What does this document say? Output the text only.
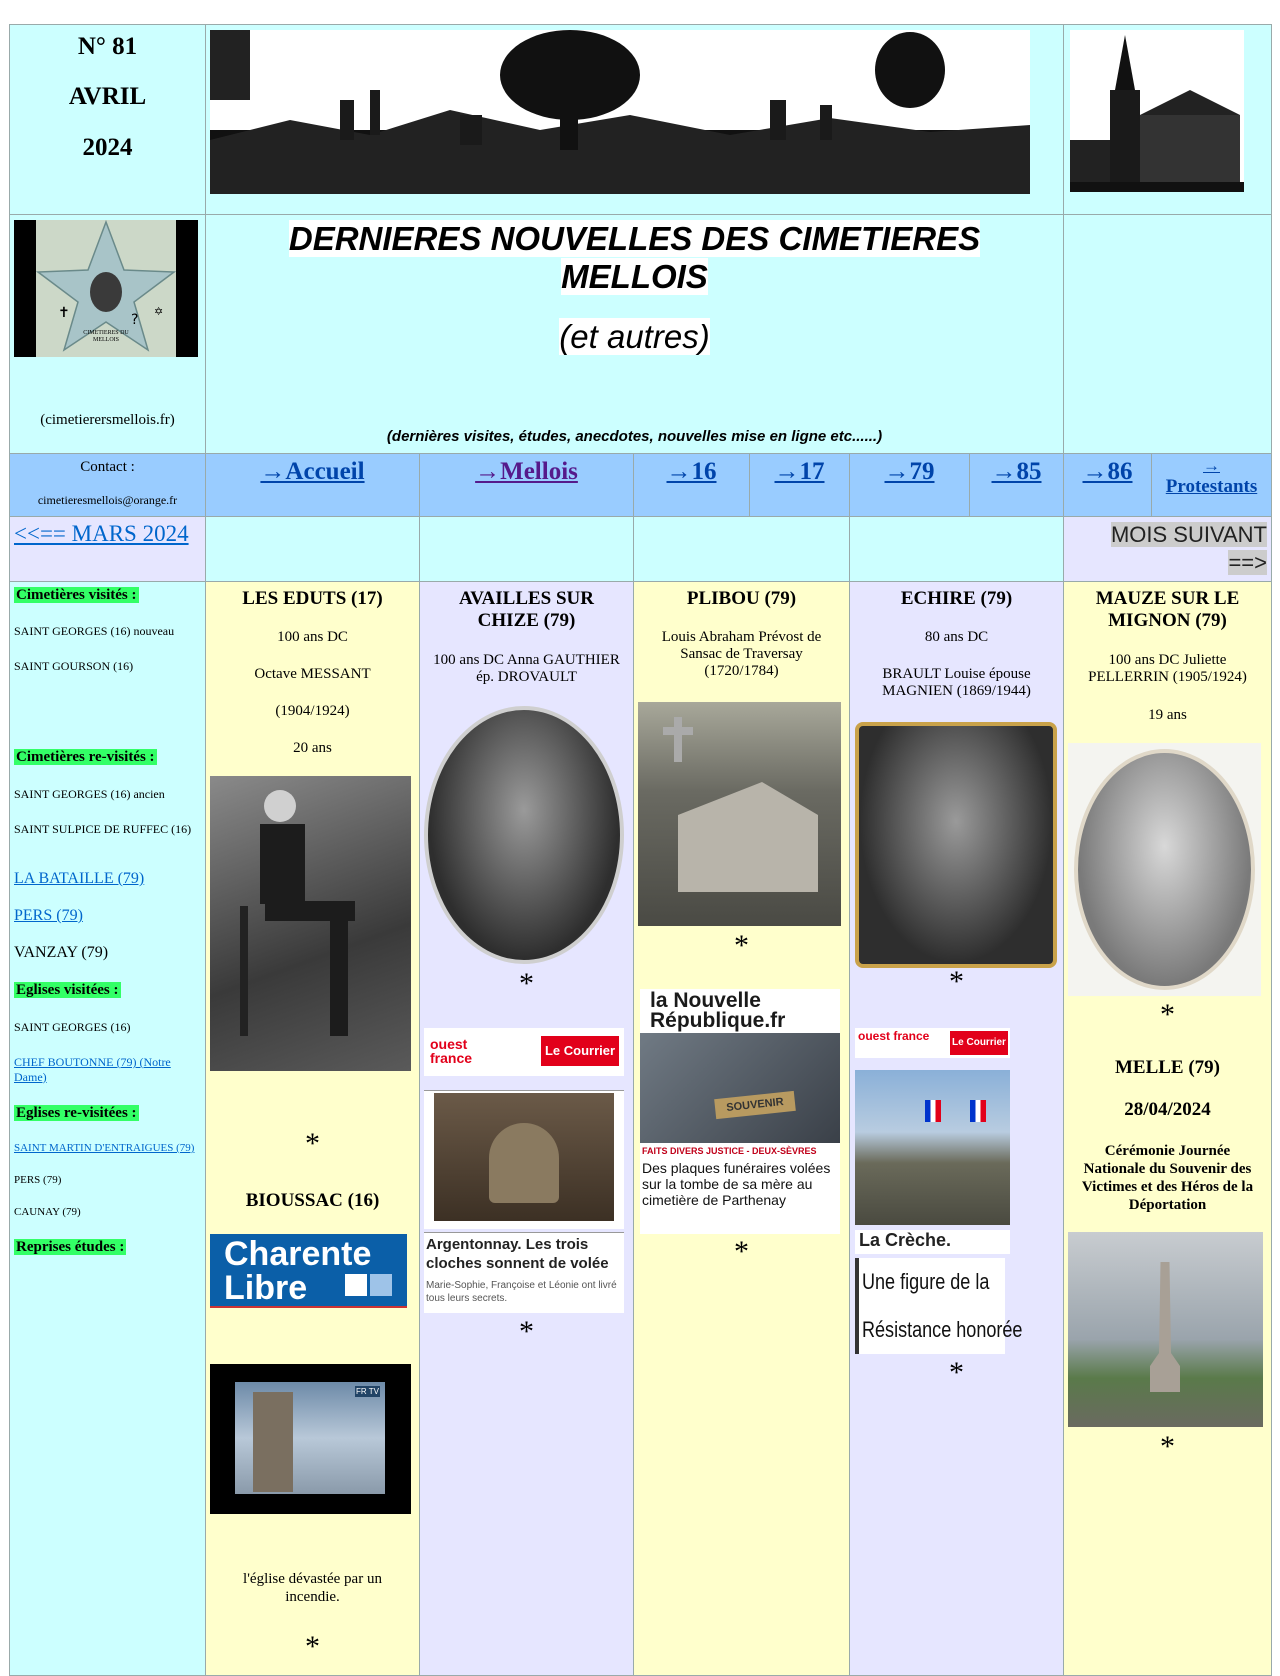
N° 81
AVRIL
2024
✝	✡
?
CIMETIERES DU MELLOIS
(cimetierersmellois.fr)
DERNIERES NOUVELLES DES CIMETIERES
MELLOIS
(et autres)
(dernières visites, études, anecdotes, nouvelles mise en ligne etc......)
Contact :
cimetieresmellois@orange.fr
→Accueil	→Mellois	→16	→17	→79	→85	→86	→
Protestants
<<== MARS 2024	MOIS SUIVANT ==>
Cimetières visités :
SAINT GEORGES (16) nouveau
SAINT GOURSON (16)
Cimetières re-visités :
SAINT GEORGES (16) ancien
SAINT SULPICE DE RUFFEC (16)
LA BATAILLE (79)
PERS (79)
VANZAY (79)
Eglises visitées :
SAINT GEORGES (16)
CHEF BOUTONNE (79) (Notre Dame)
Eglises re-visitées :
SAINT MARTIN D'ENTRAIGUES (79)
PERS (79)
CAUNAY (79)
Reprises études :
LES EDUTS (17)
100 ans DC
Octave MESSANT
(1904/1924)
20 ans
*
BIOUSSAC (16)
Charente
Libre
FR TV
l'église dévastée par un incendie.
*
AVAILLES SUR CHIZE (79)
100 ans DC Anna GAUTHIER ép. DROVAULT
*
ouest france	Le Courrier
Argentonnay. Les trois cloches sonnent de volée
Marie-Sophie, Françoise et Léonie ont livré tous leurs secrets.
*
PLIBOU (79)
Louis Abraham Prévost de Sansac de Traversay (1720/1784)
*
la Nouvelle
République.fr
SOUVENIR
FAITS DIVERS JUSTICE - DEUX-SÈVRES
Des plaques funéraires volées sur la tombe de sa mère au cimetière de Parthenay
*
ECHIRE (79)
80 ans DC
BRAULT Louise épouse MAGNIEN (1869/1944)
*
ouest france Le Courrier
La Crèche.
Une figure de la
Résistance honorée
*
MAUZE SUR LE MIGNON (79)
100 ans DC Juliette PELLERRIN (1905/1924)
19 ans
*
MELLE (79)
28/04/2024
Cérémonie Journée Nationale du Souvenir des Victimes et des Héros de la Déportation
*
